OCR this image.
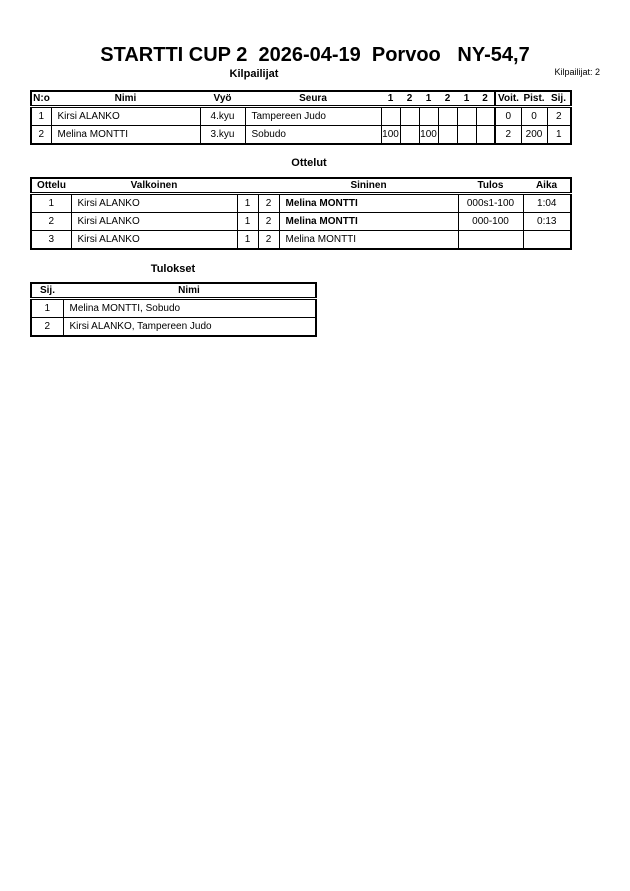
STARTTI CUP 2  2026-04-19  Porvoo   NY-54,7
Kilpailijat	Kilpailijat: 2
N:o	Nimi	Vyö	Seura	1	2	1	2	1	2	Voit.	Pist.	Sij.
1	Kirsi ALANKO	4.kyu	Tampereen Judo							0	0	2
2	Melina MONTTI	3.kyu	Sobudo	100		100				2	200	1
Ottelut
Ottelu	Valkoinen			Sininen	Tulos	Aika
1	Kirsi ALANKO	1	2	Melina MONTTI	000s1-100	1:04
2	Kirsi ALANKO	1	2	Melina MONTTI	000-100	0:13
3	Kirsi ALANKO	1	2	Melina MONTTI		
Tulokset
Sij.	Nimi
1	Melina MONTTI, Sobudo
2	Kirsi ALANKO, Tampereen Judo
